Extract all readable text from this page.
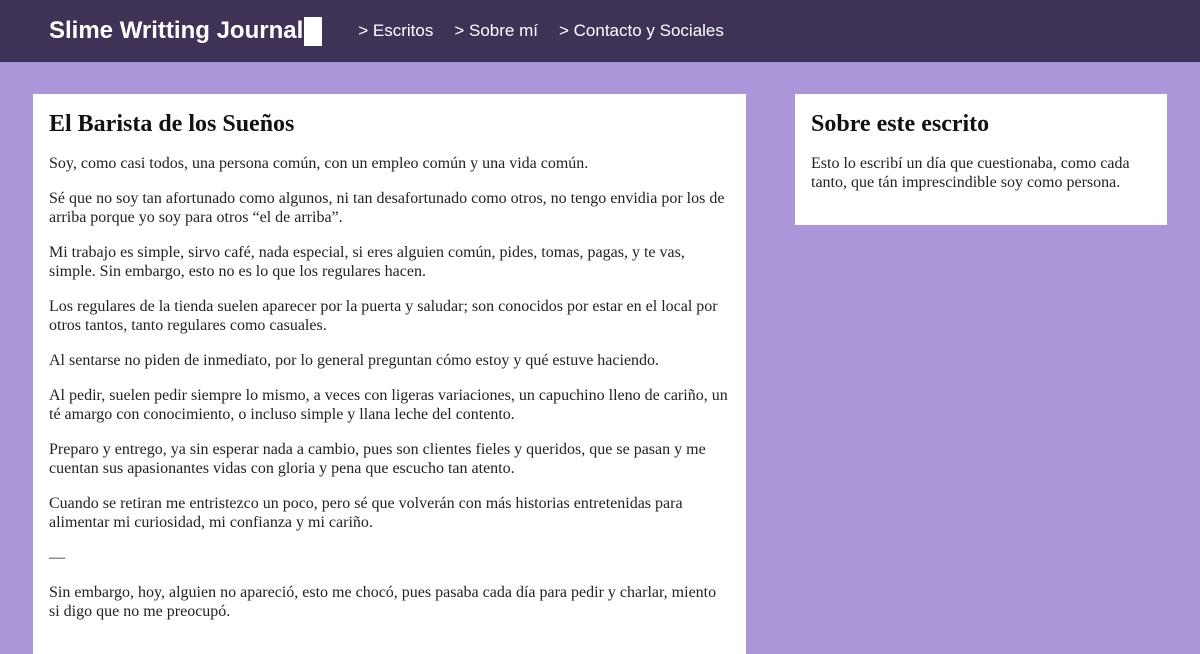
Slime Writting Journal	> Escritos > Sobre mí > Contacto y Sociales
El Barista de los Sueños

Soy, como casi todos, una persona común, con un empleo común y una vida común.

Sé que no soy tan afortunado como algunos, ni tan desafortunado como otros, no tengo envidia por los de arriba porque yo soy para otros “el de arriba”.

Mi trabajo es simple, sirvo café, nada especial, si eres alguien común, pides, tomas, pagas, y te vas, simple. Sin embargo, esto no es lo que los regulares hacen.

Los regulares de la tienda suelen aparecer por la puerta y saludar; son conocidos por estar en el local por otros tantos, tanto regulares como casuales.

Al sentarse no piden de inmediato, por lo general preguntan cómo estoy y qué estuve haciendo.

Al pedir, suelen pedir siempre lo mismo, a veces con ligeras variaciones, un capuchino lleno de cariño, un té amargo con conocimiento, o incluso simple y llana leche del contento.

Preparo y entrego, ya sin esperar nada a cambio, pues son clientes fieles y queridos, que se pasan y me cuentan sus apasionantes vidas con gloria y pena que escucho tan atento.

Cuando se retiran me entristezco un poco, pero sé que volverán con más historias entretenidas para alimentar mi curiosidad, mi confianza y mi cariño.

—

Sin embargo, hoy, alguien no apareció, esto me chocó, pues pasaba cada día para pedir y charlar, miento si digo que no me preocupó.

Sobre este escrito

Esto lo escribí un día que cuestionaba, como cada tanto, que tán imprescindible soy como persona.
